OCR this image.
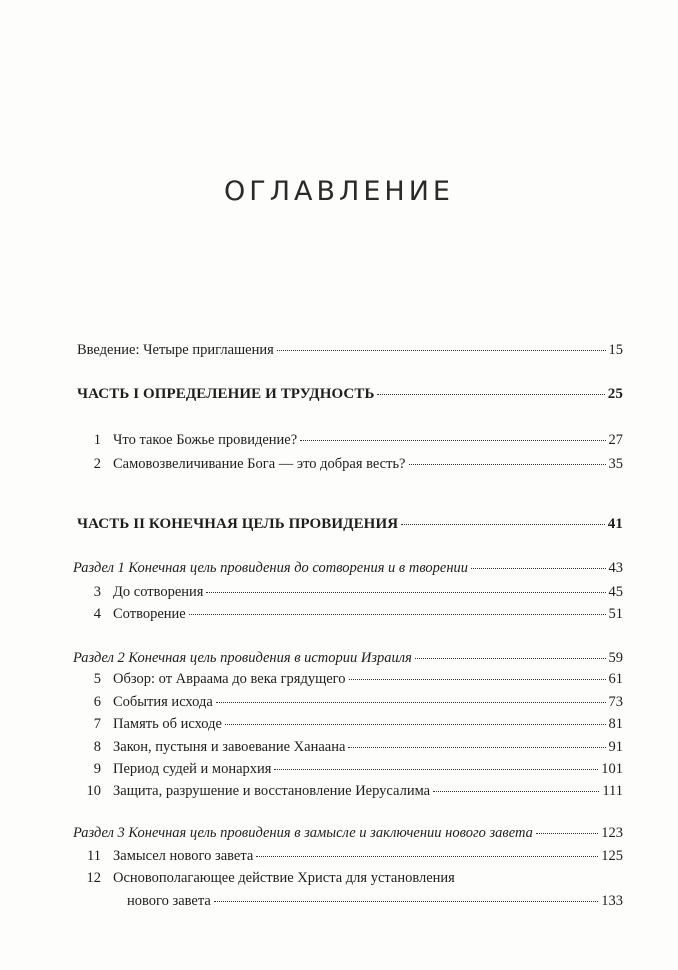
ОГЛАВЛЕНИЕ
Введение: Четыре приглашения	15
ЧАСТЬ I ОПРЕДЕЛЕНИЕ И ТРУДНОСТЬ	25
1 Что такое Божье провидение?	27
2 Самовозвеличивание Бога — это добрая весть?	35
ЧАСТЬ II КОНЕЧНАЯ ЦЕЛЬ ПРОВИДЕНИЯ	41
Раздел 1 Конечная цель провидения до сотворения и в творении	43
3 До сотворения	45
4 Сотворение	51
Раздел 2 Конечная цель провидения в истории Израиля	59
5 Обзор: от Авраама до века грядущего	61
6 События исхода	73
7 Память об исходе	81
8 Закон, пустыня и завоевание Ханаана	91
9 Период судей и монархия	101
10 Защита, разрушение и восстановление Иерусалима	111
Раздел 3 Конечная цель провидения в замысле и заключении нового завета	123
11 Замысел нового завета	125
12 Основополагающее действие Христа для установления
нового завета	133
